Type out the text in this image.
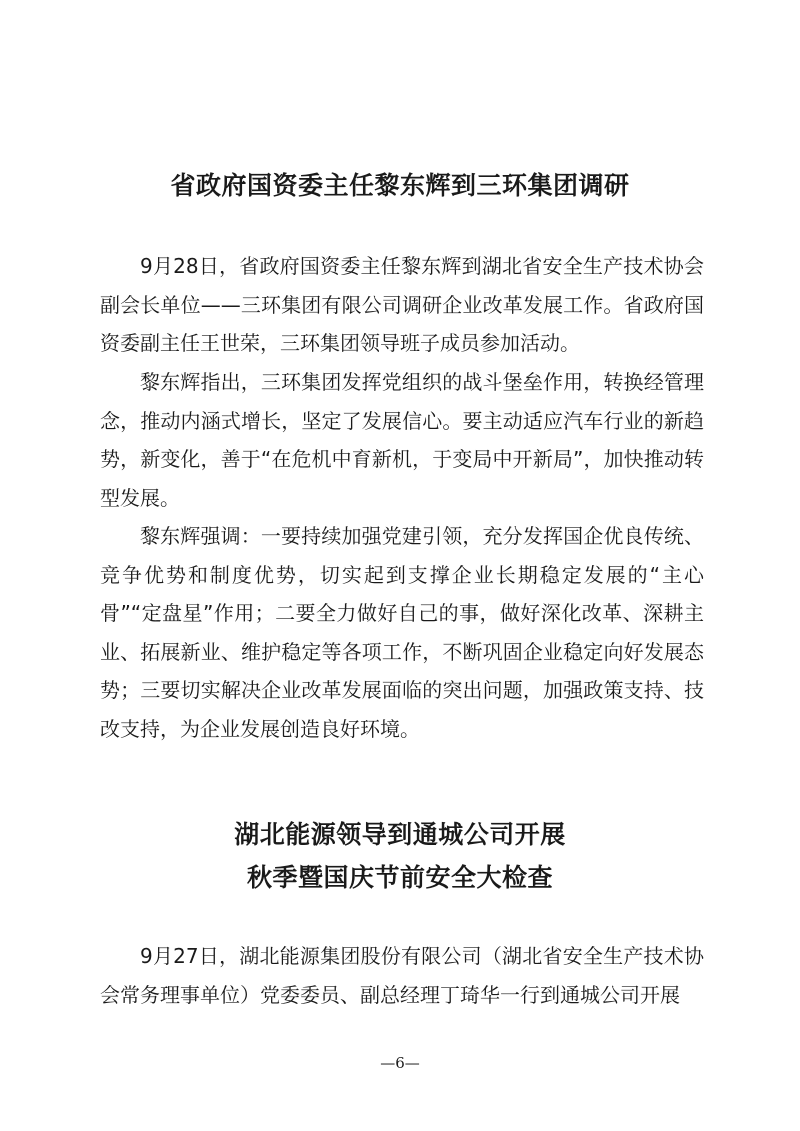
省政府国资委主任黎东辉到三环集团调研

9月28日，省政府国资委主任黎东辉到湖北省安全生产技术协会副会长单位——三环集团有限公司调研企业改革发展工作。省政府国资委副主任王世荣，三环集团领导班子成员参加活动。

黎东辉指出，三环集团发挥党组织的战斗堡垒作用，转换经管理念，推动内涵式增长，坚定了发展信心。要主动适应汽车行业的新趋势，新变化，善于“在危机中育新机，于变局中开新局”，加快推动转型发展。

黎东辉强调：一要持续加强党建引领，充分发挥国企优良传统、竞争优势和制度优势，切实起到支撑企业长期稳定发展的“主心骨”“定盘星”作用；二要全力做好自己的事，做好深化改革、深耕主业、拓展新业、维护稳定等各项工作，不断巩固企业稳定向好发展态势；三要切实解决企业改革发展面临的突出问题，加强政策支持、技改支持，为企业发展创造良好环境。

湖北能源领导到通城公司开展
秋季暨国庆节前安全大检查

9月27日，湖北能源集团股份有限公司（湖北省安全生产技术协会常务理事单位）党委委员、副总经理丁琦华一行到通城公司开展

—6—
